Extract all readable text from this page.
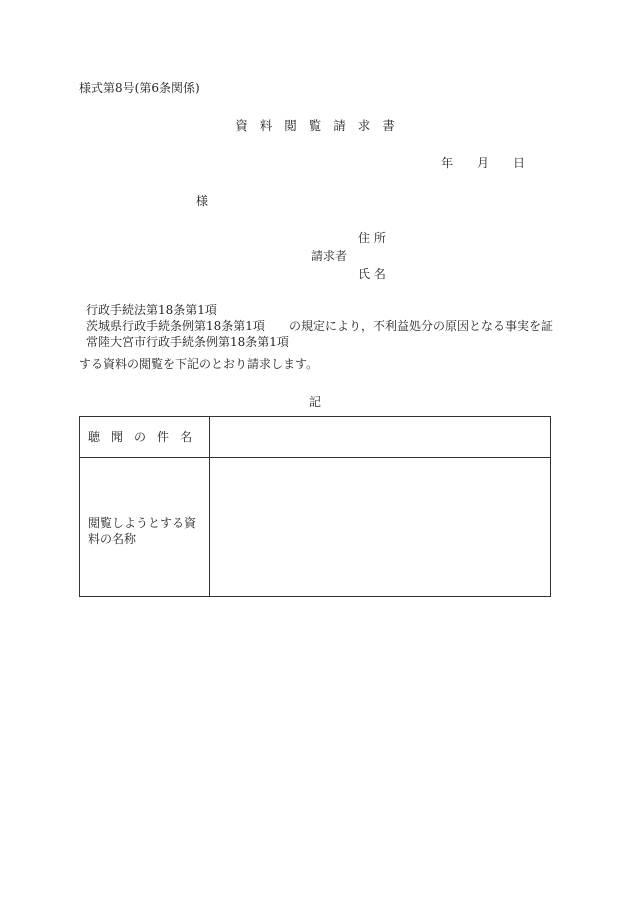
様式第8号(第6条関係)
資 料 閲 覧 請 求 書
年 月 日
様
住 所
請求者
氏 名
行政手続法第18条第1項
茨城県行政手続条例第18条第1項
常陸大宮市行政手続条例第18条第1項
の規定により，不利益処分の原因となる事実を証
する資料の閲覧を下記のとおり請求します。
記
聴 聞 の 件 名
閲覧しようとする資料の名称
